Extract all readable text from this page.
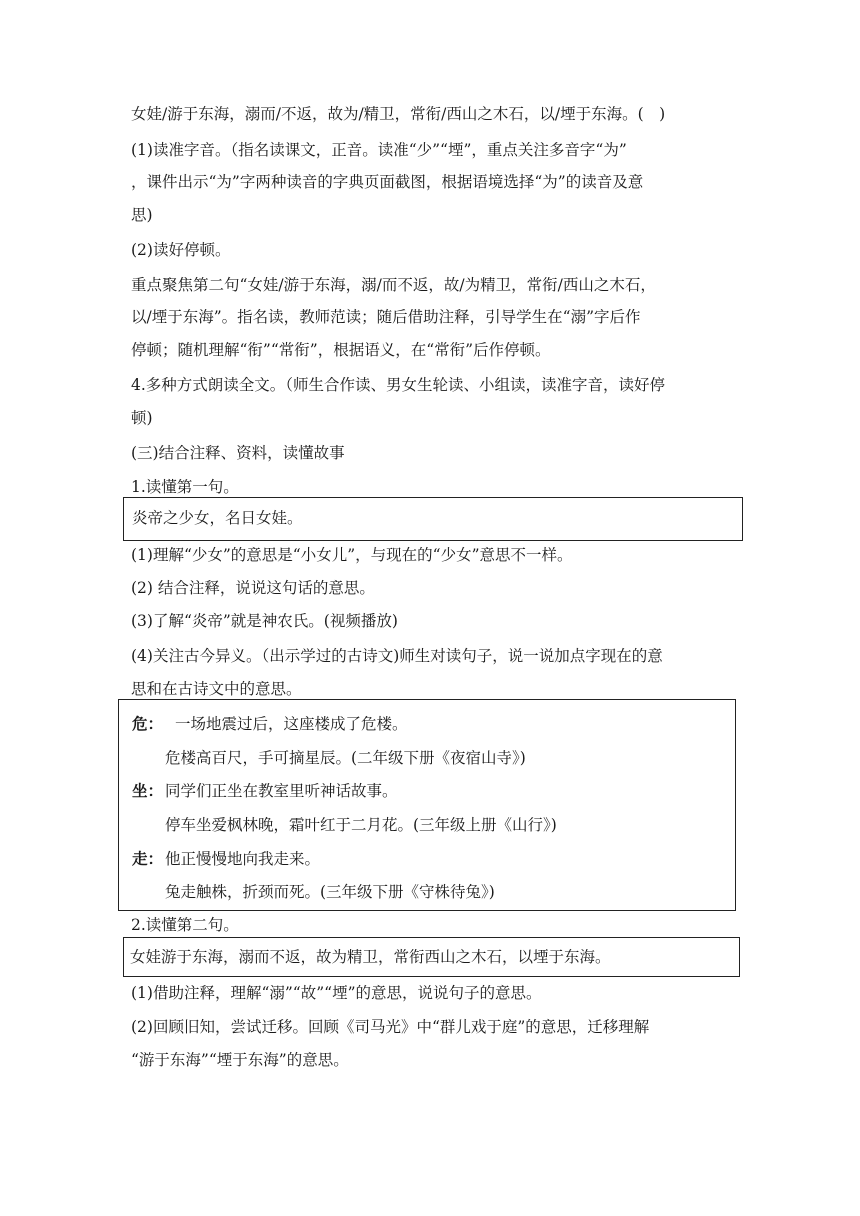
女娃/游于东海，溺而/不返，故为/精卫，常衔/西山之木石，以/堙于东海。(　)
(1)读准字音。（指名读课文，正音。读准“少”“堙”，重点关注多音字“为”
，课件出示“为”字两种读音的字典页面截图，根据语境选择“为”的读音及意
思)
(2)读好停顿。
重点聚焦第二句“女娃/游于东海，溺/而不返，故/为精卫，常衔/西山之木石，
以/堙于东海”。指名读，教师范读；随后借助注释，引导学生在“溺”字后作
停顿；随机理解“衔”“常衔”，根据语义，在“常衔”后作停顿。
4.多种方式朗读全文。（师生合作读、男女生轮读、小组读，读准字音，读好停
顿)
(三)结合注释、资料，读懂故事
1.读懂第一句。
炎帝之少女，名日女娃。
(1)理解“少女”的意思是“小女儿”，与现在的“少女”意思不一样。
(2) 结合注释，说说这句话的意思。
(3)了解“炎帝”就是神农氏。(视频播放)
(4)关注古今异义。（出示学过的古诗文)师生对读句子，说一说加点字现在的意
思和在古诗文中的意思。
危： 一场地震过后，这座楼成了危楼。
危楼高百尺，手可摘星辰。(二年级下册《夜宿山寺》)
坐： 同学们正坐在教室里听神话故事。
停车坐爱枫林晚，霜叶红于二月花。(三年级上册《山行》)
走： 他正慢慢地向我走来。
兔走触株，折颈而死。(三年级下册《守株待兔》)
2.读懂第二句。
女娃游于东海，溺而不返，故为精卫，常衔西山之木石，以堙于东海。
(1)借助注释，理解“溺”“故”“堙”的意思，说说句子的意思。
(2)回顾旧知，尝试迁移。回顾《司马光》中“群儿戏于庭”的意思，迁移理解
“游于东海”“堙于东海”的意思。
